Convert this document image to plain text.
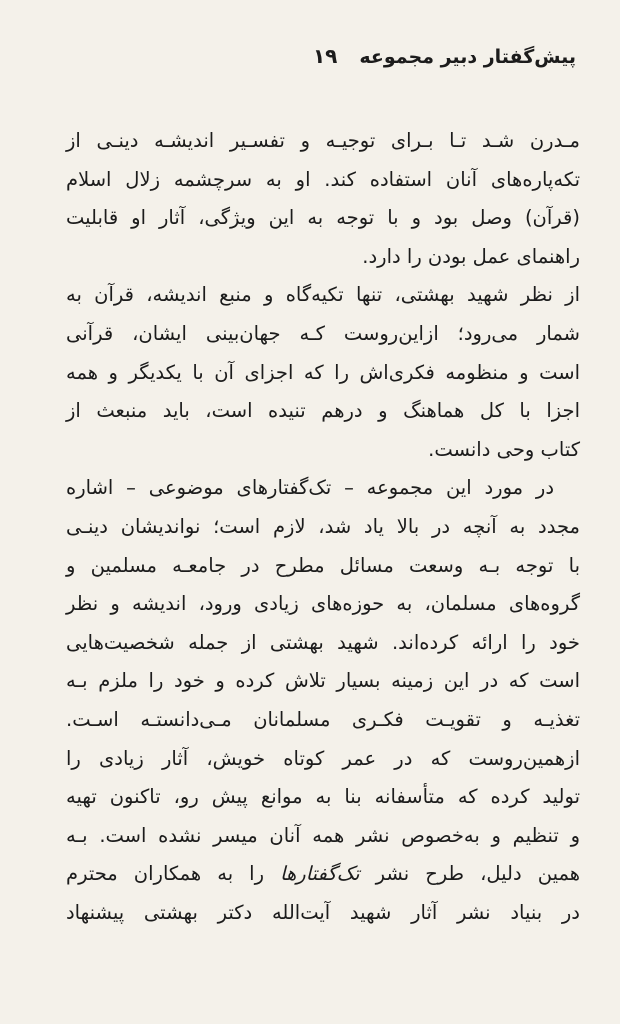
پیش‌گفتار دبیر مجموعه
۱۹
مـدرن شـد تـا بـرای توجیـه و تفسـیر اندیشـه دینـی از
تکه‌پاره‌های آنان استفاده کند. او به سرچشمه زلال اسلام
(قرآن) وصل بود و با توجه به این ویژگی، آثار او قابلیت
راهنمای عمل بودن را دارد.
از نظر شهید بهشتی، تنها تکیه‌گاه و منبع اندیشه، قرآن به
شمار می‌رود؛ ازاین‌روست کـه جهان‌بینی ایشان، قرآنی
است و منظومه فکری‌اش را که اجزای آن با یکدیگر و همه
اجزا با کل هماهنگ و درهم تنیده است، باید منبعث از
کتاب وحی دانست.
در مورد این مجموعه – تک‌گفتارهای موضوعی – اشاره
مجدد به آنچه در بالا یاد شد، لازم است؛ نواندیشان دینـی
با توجه بـه وسعت مسائل مطرح در جامعـه مسلمین و
گروه‌های مسلمان، به حوزه‌های زیادی ورود، اندیشه و نظر
خود را ارائه کرده‌اند. شهید بهشتی از جمله شخصیت‌هایی
است که در این زمینه بسیار تلاش کرده و خود را ملزم بـه
تغذیـه و تقویـت فکـری مسلمانان مـی‌دانستـه اسـت.
ازهمین‌روست که در عمر کوتاه خویش، آثار زیادی را
تولید کرده که متأسفانه بنا به موانع پیش رو، تاکنون تهیه
و تنظیم و به‌خصوص نشر همه آنان میسر نشده است. بـه
همین دلیل، طرح نشر تک‌گفتارها را به همکاران محترم
در بنیاد نشر آثار شهید آیت‌الله دکتر بهشتی پیشنهاد
